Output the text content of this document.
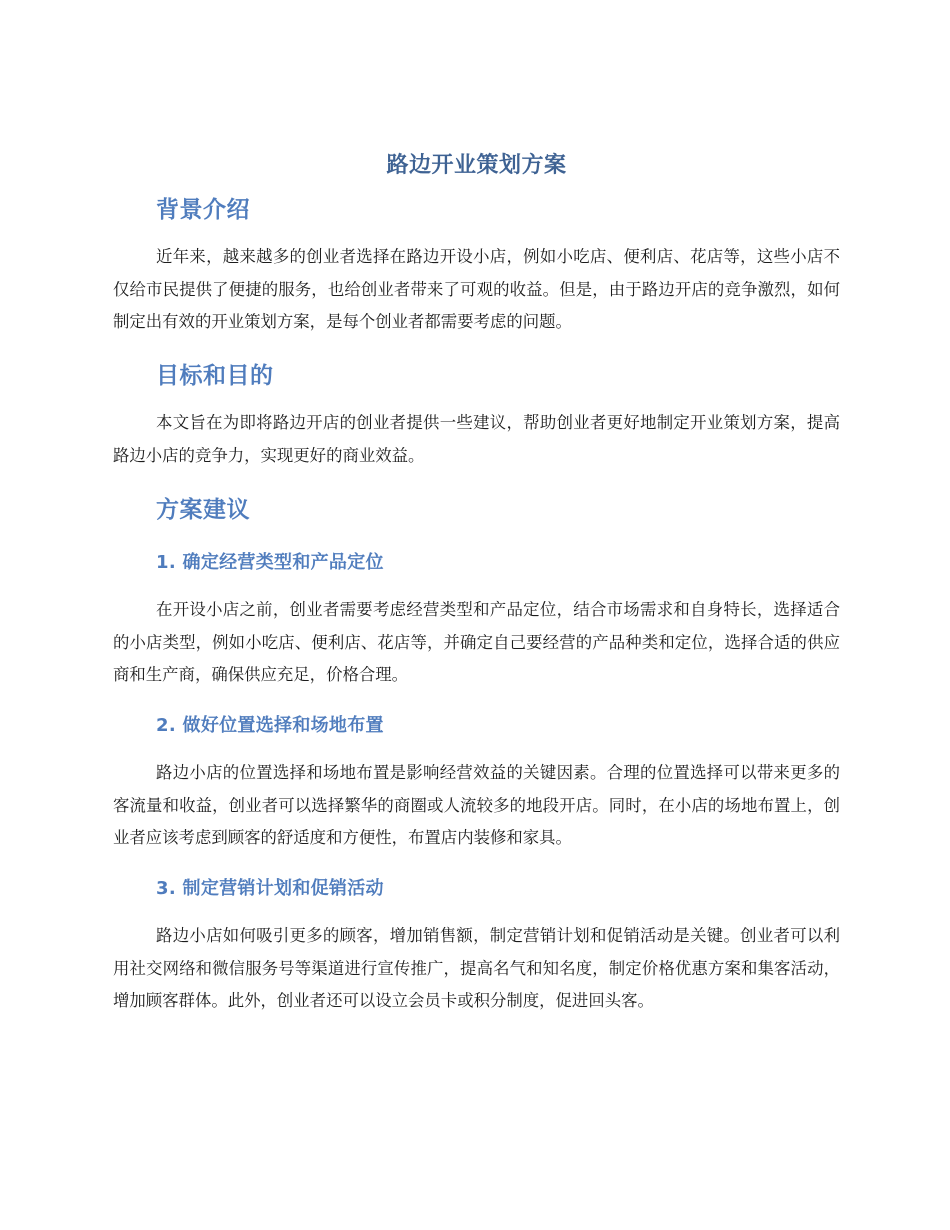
路边开业策划方案
背景介绍

近年来，越来越多的创业者选择在路边开设小店，例如小吃店、便利店、花店等，这些小店不仅给市民提供了便捷的服务，也给创业者带来了可观的收益。但是，由于路边开店的竞争激烈，如何制定出有效的开业策划方案，是每个创业者都需要考虑的问题。

目标和目的

本文旨在为即将路边开店的创业者提供一些建议，帮助创业者更好地制定开业策划方案，提高路边小店的竞争力，实现更好的商业效益。

方案建议
1. 确定经营类型和产品定位

在开设小店之前，创业者需要考虑经营类型和产品定位，结合市场需求和自身特长，选择适合的小店类型，例如小吃店、便利店、花店等，并确定自己要经营的产品种类和定位，选择合适的供应商和生产商，确保供应充足，价格合理。

2. 做好位置选择和场地布置

路边小店的位置选择和场地布置是影响经营效益的关键因素。合理的位置选择可以带来更多的客流量和收益，创业者可以选择繁华的商圈或人流较多的地段开店。同时，在小店的场地布置上，创业者应该考虑到顾客的舒适度和方便性，布置店内装修和家具。

3. 制定营销计划和促销活动

路边小店如何吸引更多的顾客，增加销售额，制定营销计划和促销活动是关键。创业者可以利用社交网络和微信服务号等渠道进行宣传推广，提高名气和知名度，制定价格优惠方案和集客活动，增加顾客群体。此外，创业者还可以设立会员卡或积分制度，促进回头客。
